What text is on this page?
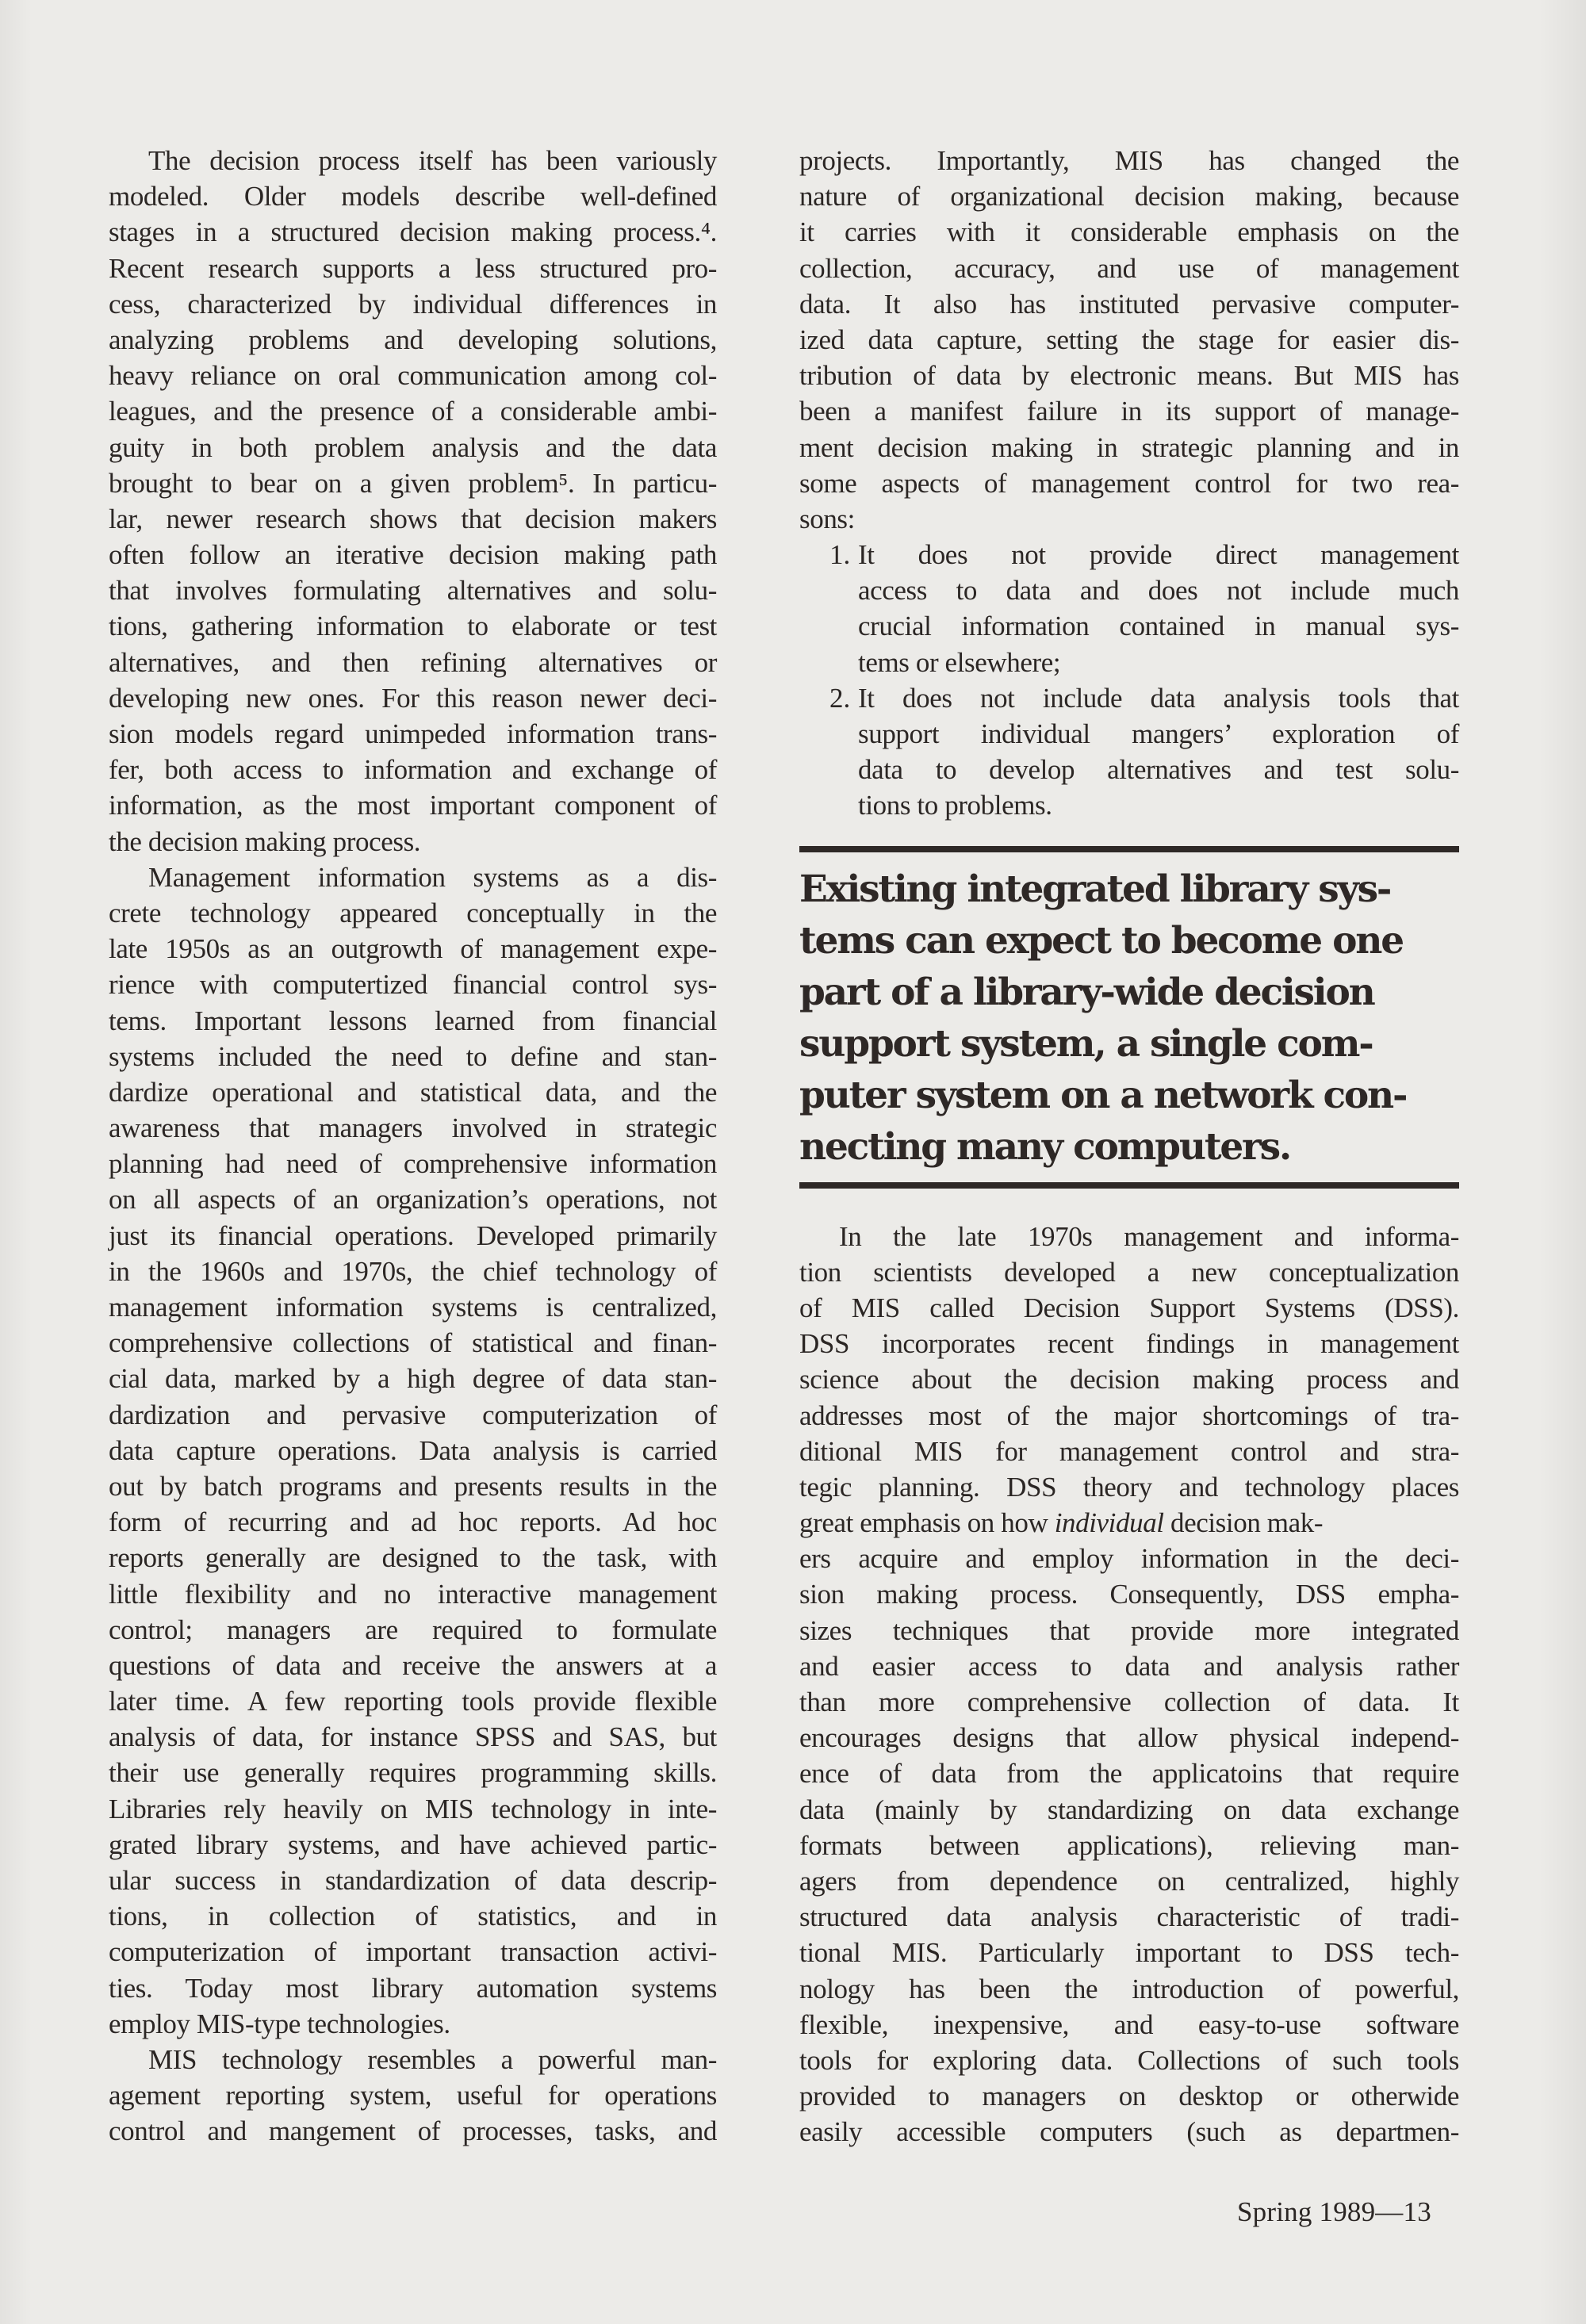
The decision process itself has been variously
modeled. Older models describe well-defined
stages in a structured decision making process.⁴.
Recent research supports a less structured pro-
cess, characterized by individual differences in
analyzing problems and developing solutions,
heavy reliance on oral communication among col-
leagues, and the presence of a considerable ambi-
guity in both problem analysis and the data
brought to bear on a given problem⁵. In particu-
lar, newer research shows that decision makers
often follow an iterative decision making path
that involves formulating alternatives and solu-
tions, gathering information to elaborate or test
alternatives, and then refining alternatives or
developing new ones. For this reason newer deci-
sion models regard unimpeded information trans-
fer, both access to information and exchange of
information, as the most important component of
the decision making process.
Management information systems as a dis-
crete technology appeared conceptually in the
late 1950s as an outgrowth of management expe-
rience with computertized financial control sys-
tems. Important lessons learned from financial
systems included the need to define and stan-
dardize operational and statistical data, and the
awareness that managers involved in strategic
planning had need of comprehensive information
on all aspects of an organization’s operations, not
just its financial operations. Developed primarily
in the 1960s and 1970s, the chief technology of
management information systems is centralized,
comprehensive collections of statistical and finan-
cial data, marked by a high degree of data stan-
dardization and pervasive computerization of
data capture operations. Data analysis is carried
out by batch programs and presents results in the
form of recurring and ad hoc reports. Ad hoc
reports generally are designed to the task, with
little flexibility and no interactive management
control; managers are required to formulate
questions of data and receive the answers at a
later time. A few reporting tools provide flexible
analysis of data, for instance SPSS and SAS, but
their use generally requires programming skills.
Libraries rely heavily on MIS technology in inte-
grated library systems, and have achieved partic-
ular success in standardization of data descrip-
tions, in collection of statistics, and in
computerization of important transaction activi-
ties. Today most library automation systems
employ MIS-type technologies.
MIS technology resembles a powerful man-
agement reporting system, useful for operations
control and mangement of processes, tasks, and
projects. Importantly, MIS has changed the
nature of organizational decision making, because
it carries with it considerable emphasis on the
collection, accuracy, and use of management
data. It also has instituted pervasive computer-
ized data capture, setting the stage for easier dis-
tribution of data by electronic means. But MIS has
been a manifest failure in its support of manage-
ment decision making in strategic planning and in
some aspects of management control for two rea-
sons:
1. It does not provide direct management
access to data and does not include much
crucial information contained in manual sys-
tems or elsewhere;
2. It does not include data analysis tools that
support individual mangers’ exploration of
data to develop alternatives and test solu-
tions to problems.
Existing integrated library sys-
tems can expect to become one
part of a library-wide decision
support system, a single com-
puter system on a network con-
necting many computers.
In the late 1970s management and informa-
tion scientists developed a new conceptualization
of MIS called Decision Support Systems (DSS).
DSS incorporates recent findings in management
science about the decision making process and
addresses most of the major shortcomings of tra-
ditional MIS for management control and stra-
tegic planning. DSS theory and technology places
great emphasis on how individual decision mak-
ers acquire and employ information in the deci-
sion making process. Consequently, DSS empha-
sizes techniques that provide more integrated
and easier access to data and analysis rather
than more comprehensive collection of data. It
encourages designs that allow physical independ-
ence of data from the applicatoins that require
data (mainly by standardizing on data exchange
formats between applications), relieving man-
agers from dependence on centralized, highly
structured data analysis characteristic of tradi-
tional MIS. Particularly important to DSS tech-
nology has been the introduction of powerful,
flexible, inexpensive, and easy-to-use software
tools for exploring data. Collections of such tools
provided to managers on desktop or otherwide
easily accessible computers (such as departmen-
Spring 1989—13
